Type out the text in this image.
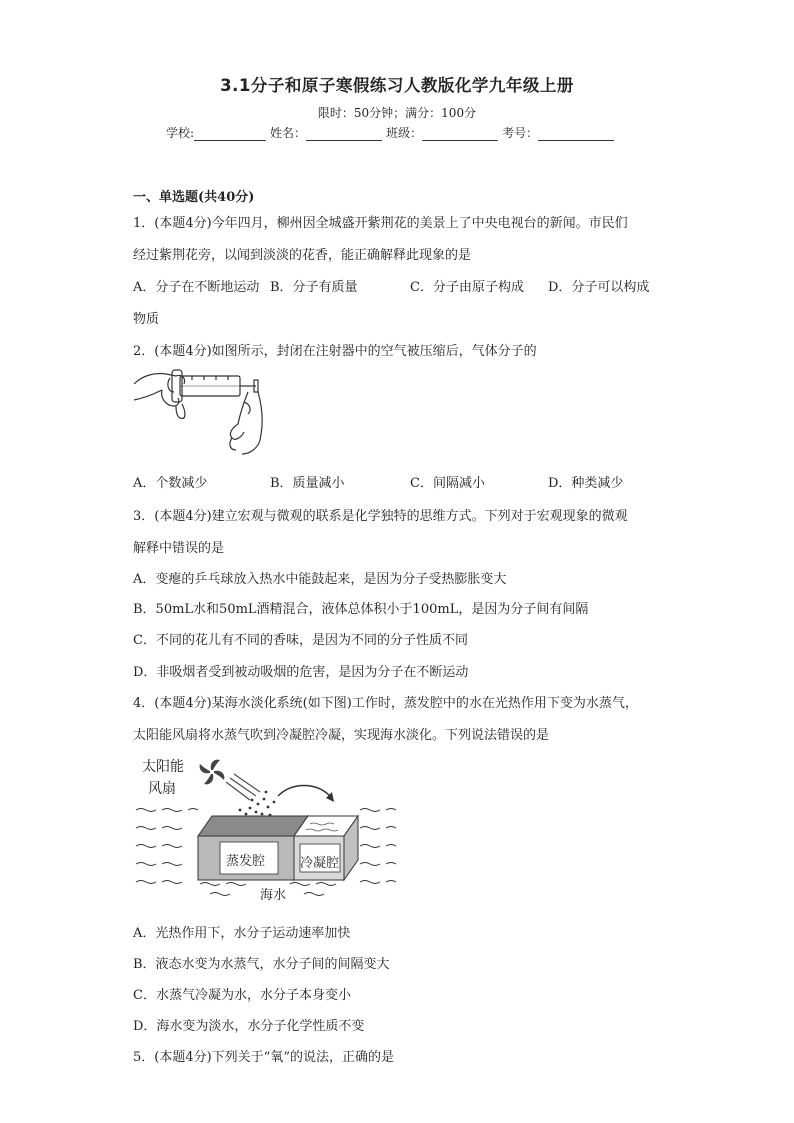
3.1分子和原子寒假练习人教版化学九年级上册
限时：50分钟；满分：100分
学校:	姓名：	班级：	考号：
一、单选题(共40分)
1．(本题4分)今年四月，柳州因全城盛开紫荆花的美景上了中央电视台的新闻。市民们
经过紫荆花旁，以闻到淡淡的花香，能正确解释此现象的是
A．分子在不断地运动 B．分子有质量	C．分子由原子构成 D．分子可以构成
物质
2．(本题4分)如图所示，封闭在注射器中的空气被压缩后，气体分子的
A．个数减少	B．质量减小	C．间隔减小	D．种类减少
3．(本题4分)建立宏观与微观的联系是化学独特的思维方式。下列对于宏观现象的微观
解释中错误的是
A．变瘪的乒乓球放入热水中能鼓起来，是因为分子受热膨胀变大
B．50mL水和50mL酒精混合，液体总体积小于100mL，是因为分子间有间隔
C．不同的花儿有不同的香味，是因为不同的分子性质不同
D．非吸烟者受到被动吸烟的危害，是因为分子在不断运动
4．(本题4分)某海水淡化系统(如下图)工作时，蒸发腔中的水在光热作用下变为水蒸气，
太阳能风扇将水蒸气吹到冷凝腔冷凝，实现海水淡化。下列说法错误的是
太阳能
风扇
蒸发腔	冷凝腔
海水
A．光热作用下，水分子运动速率加快
B．液态水变为水蒸气，水分子间的间隔变大
C．水蒸气冷凝为水，水分子本身变小
D．海水变为淡水，水分子化学性质不变
5．(本题4分)下列关于“氧”的说法，正确的是
